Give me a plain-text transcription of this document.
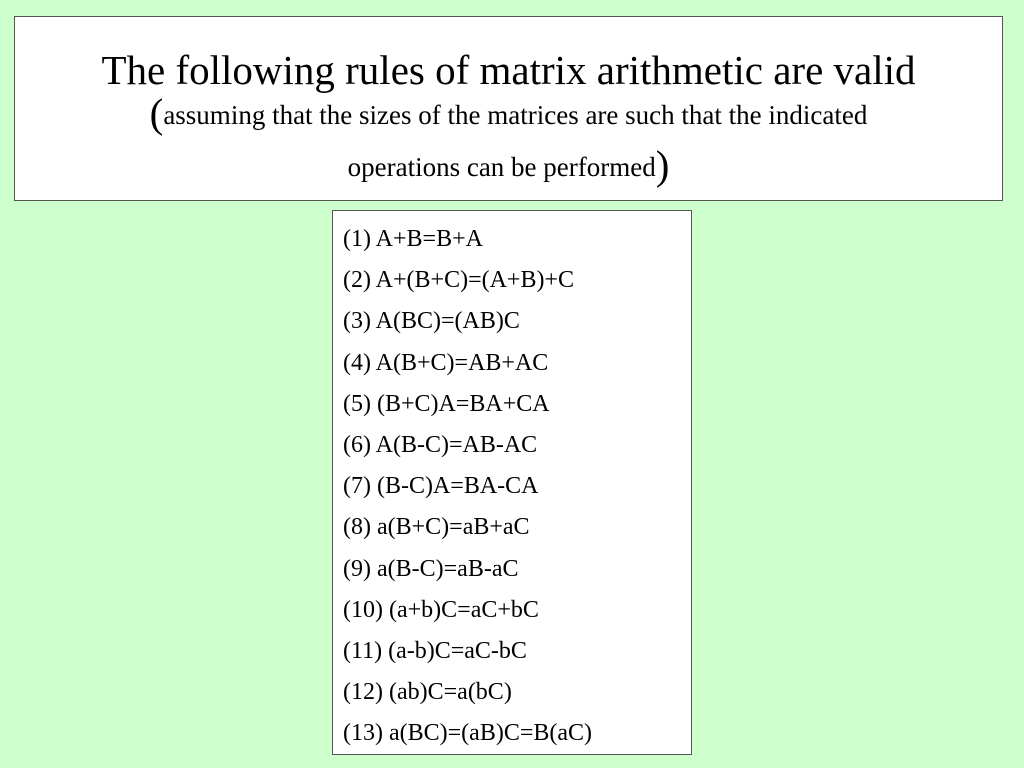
The following rules of matrix arithmetic are valid
(assuming that the sizes of the matrices are such that the indicated
operations can be performed)
(1) A+B=B+A
(2) A+(B+C)=(A+B)+C
(3) A(BC)=(AB)C
(4) A(B+C)=AB+AC
(5) (B+C)A=BA+CA
(6) A(B-C)=AB-AC
(7) (B-C)A=BA-CA
(8) a(B+C)=aB+aC
(9) a(B-C)=aB-aC
(10) (a+b)C=aC+bC
(11) (a-b)C=aC-bC
(12) (ab)C=a(bC)
(13) a(BC)=(aB)C=B(aC)
